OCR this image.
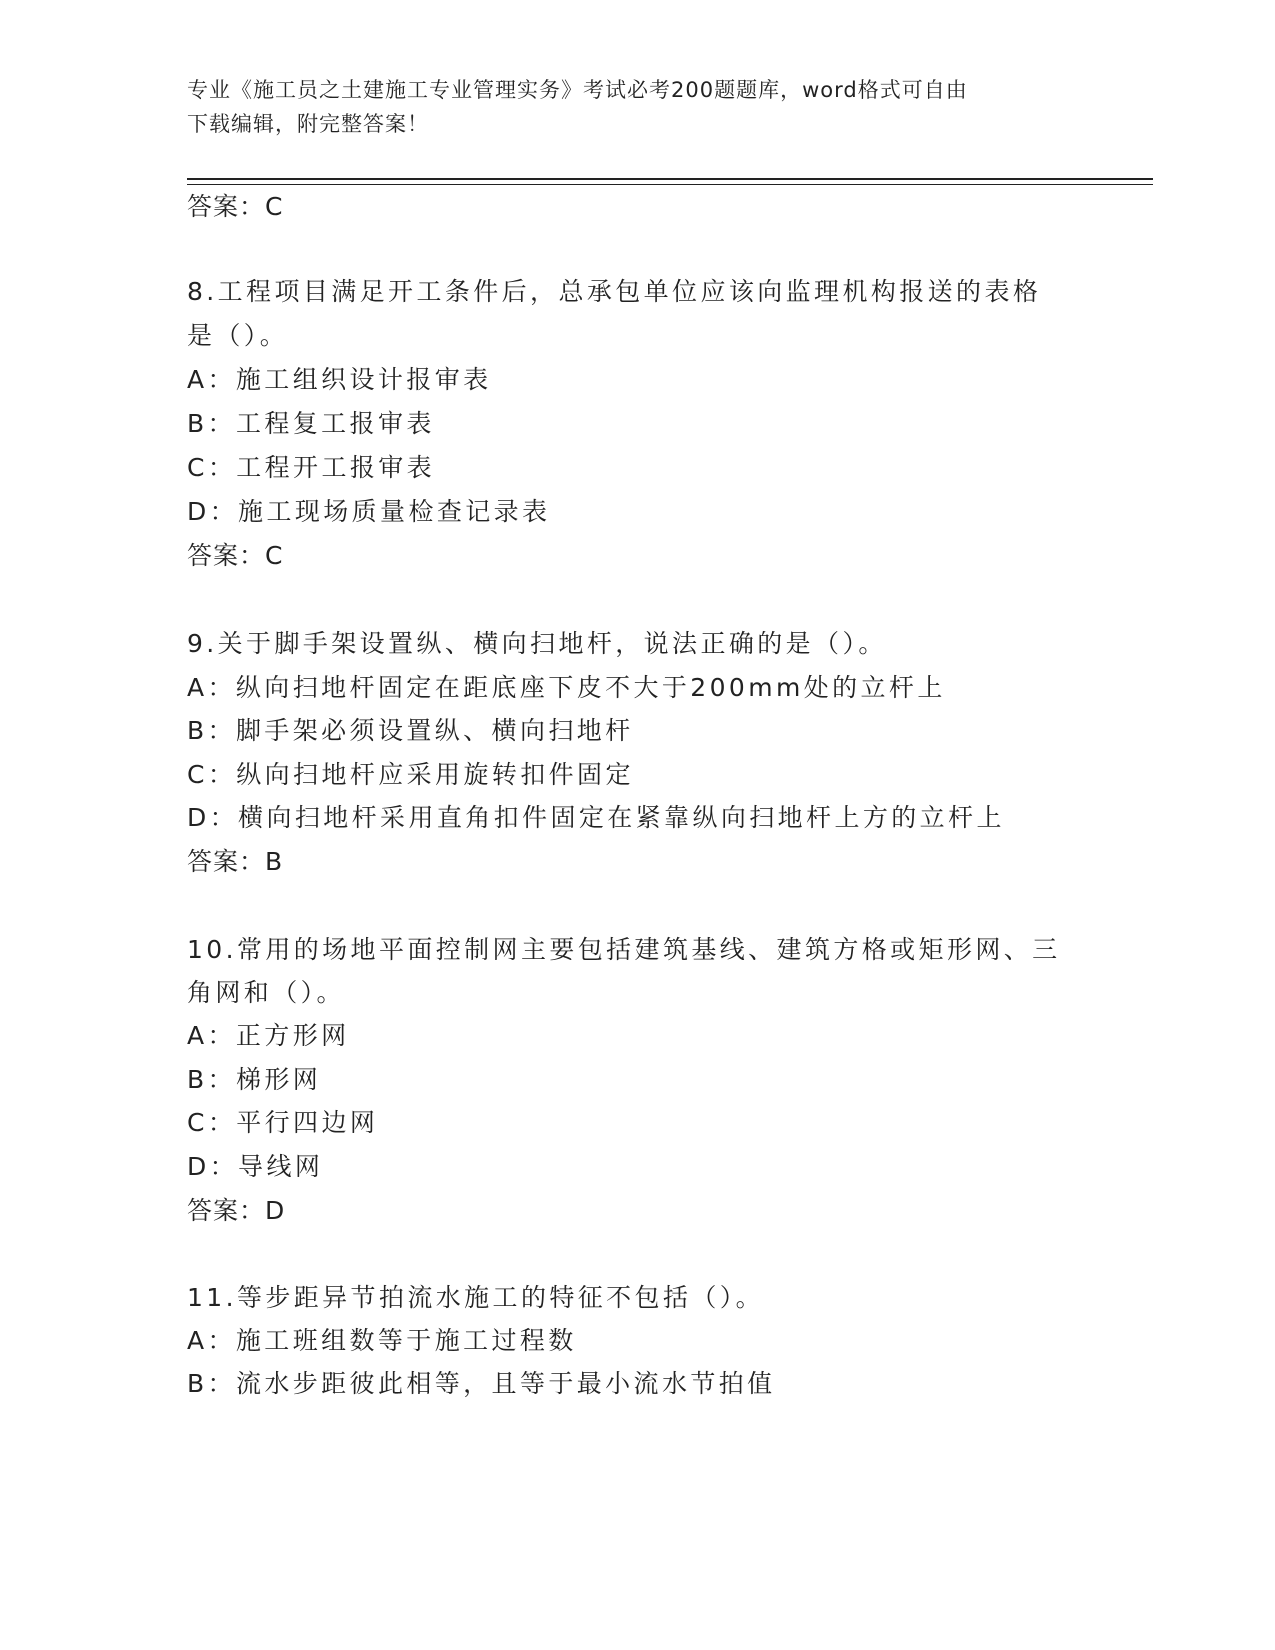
专业《施工员之土建施工专业管理实务》考试必考200题题库，word格式可自由
下载编辑，附完整答案！
答案：C
8.工程项目满足开工条件后，总承包单位应该向监理机构报送的表格
是（）。
A：施工组织设计报审表
B：工程复工报审表
C：工程开工报审表
D：施工现场质量检查记录表
答案：C
9.关于脚手架设置纵、横向扫地杆，说法正确的是（）。
A：纵向扫地杆固定在距底座下皮不大于200mm处的立杆上
B：脚手架必须设置纵、横向扫地杆
C：纵向扫地杆应采用旋转扣件固定
D：横向扫地杆采用直角扣件固定在紧靠纵向扫地杆上方的立杆上
答案：B
10.常用的场地平面控制网主要包括建筑基线、建筑方格或矩形网、三
角网和（）。
A：正方形网
B：梯形网
C：平行四边网
D：导线网
答案：D
11.等步距异节拍流水施工的特征不包括（）。
A：施工班组数等于施工过程数
B：流水步距彼此相等，且等于最小流水节拍值
